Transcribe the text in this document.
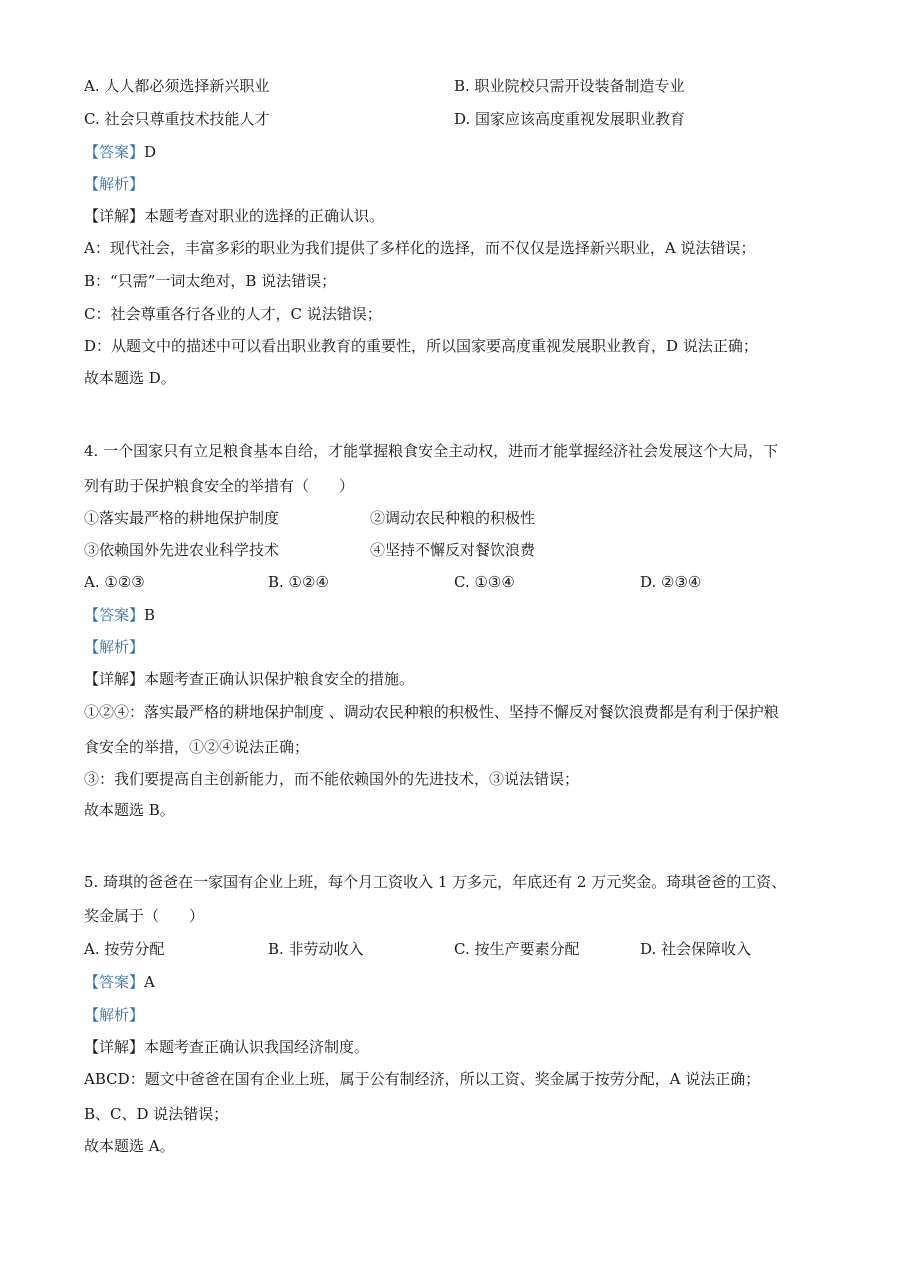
A. 人人都必须选择新兴职业	B. 职业院校只需开设装备制造专业
C. 社会只尊重技术技能人才	D. 国家应该高度重视发展职业教育
【答案】D
【解析】
【详解】本题考查对职业的选择的正确认识。
A：现代社会，丰富多彩的职业为我们提供了多样化的选择，而不仅仅是选择新兴职业，A 说法错误；
B：“只需”一词太绝对，B 说法错误；
C：社会尊重各行各业的人才，C 说法错误；
D：从题文中的描述中可以看出职业教育的重要性，所以国家要高度重视发展职业教育，D 说法正确；
故本题选 D。
4. 一个国家只有立足粮食基本自给，才能掌握粮食安全主动权，进而才能掌握经济社会发展这个大局，下
列有助于保护粮食安全的举措有（　　）
①落实最严格的耕地保护制度	②调动农民种粮的积极性
③依赖国外先进农业科学技术	④坚持不懈反对餐饮浪费
A. ①②③	B. ①②④	C. ①③④	D. ②③④
【答案】B
【解析】
【详解】本题考查正确认识保护粮食安全的措施。
①②④：落实最严格的耕地保护制度 、调动农民种粮的积极性、坚持不懈反对餐饮浪费都是有利于保护粮
食安全的举措，①②④说法正确；
③：我们要提高自主创新能力，而不能依赖国外的先进技术，③说法错误；
故本题选 B。
5. 琦琪的爸爸在一家国有企业上班，每个月工资收入 1 万多元，年底还有 2 万元奖金。琦琪爸爸的工资、
奖金属于（　　）
A. 按劳分配	B. 非劳动收入	C. 按生产要素分配	D. 社会保障收入
【答案】A
【解析】
【详解】本题考查正确认识我国经济制度。
ABCD：题文中爸爸在国有企业上班，属于公有制经济，所以工资、奖金属于按劳分配，A 说法正确；
B、C、D 说法错误；
故本题选 A。
